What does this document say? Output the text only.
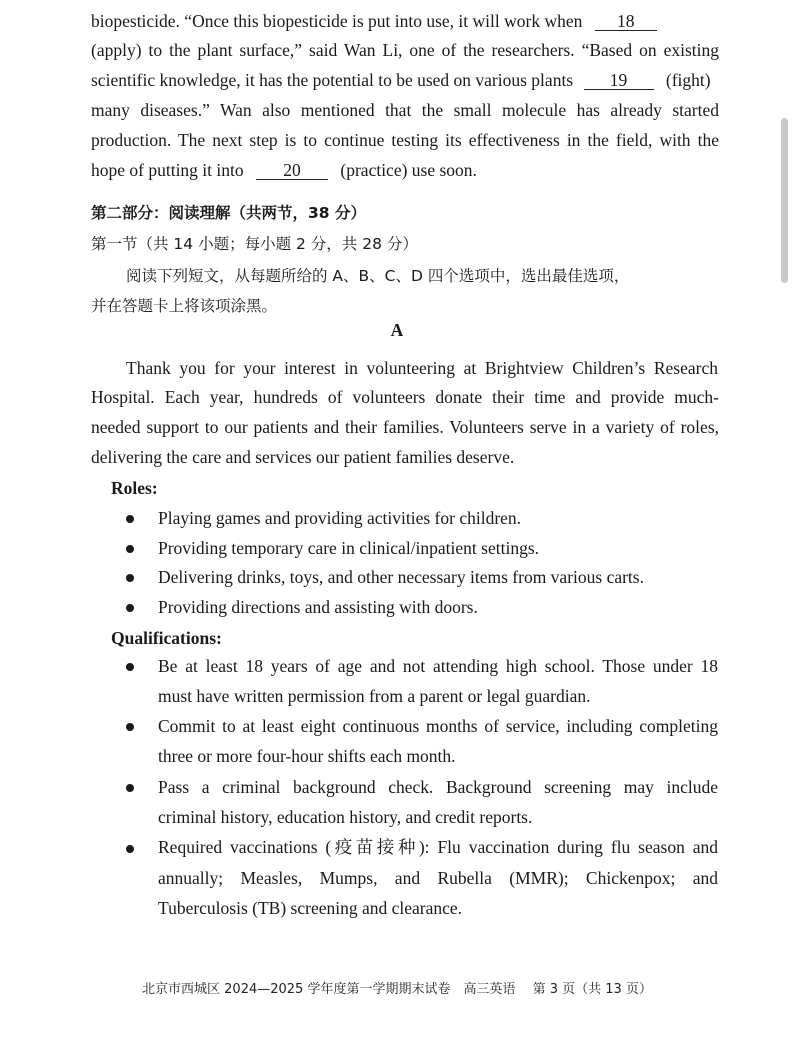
biopesticide. “Once this biopesticide is put into use, it will work when 18
(apply) to the plant surface,” said Wan Li, one of the researchers. “Based on existing
scientific knowledge, it has the potential to be used on various plants 19 (fight)
many diseases.” Wan also mentioned that the small molecule has already started
production. The next step is to continue testing its effectiveness in the field, with the
hope of putting it into 20 (practice) use soon.
第二部分：阅读理解（共两节，38 分）
第一节（共 14 小题；每小题 2 分，共 28 分）
阅读下列短文，从每题所给的 A、B、C、D 四个选项中，选出最佳选项，
并在答题卡上将该项涂黑。
A
Thank you for your interest in volunteering at Brightview Children’s Research
Hospital. Each year, hundreds of volunteers donate their time and provide much-
needed support to our patients and their families. Volunteers serve in a variety of roles,
delivering the care and services our patient families deserve.
Roles:
Playing games and providing activities for children.
Providing temporary care in clinical/inpatient settings.
Delivering drinks, toys, and other necessary items from various carts.
Providing directions and assisting with doors.
Qualifications:
Be at least 18 years of age and not attending high school. Those under 18
must have written permission from a parent or legal guardian.
Commit to at least eight continuous months of service, including completing
three or more four-hour shifts each month.
Pass a criminal background check. Background screening may include
criminal history, education history, and credit reports.
Required vaccinations (疫苗接种): Flu vaccination during flu season and
annually; Measles, Mumps, and Rubella (MMR); Chickenpox; and
Tuberculosis (TB) screening and clearance.
北京市西城区 2024—2025 学年度第一学期期末试卷　高三英语　 第 3 页（共 13 页）
